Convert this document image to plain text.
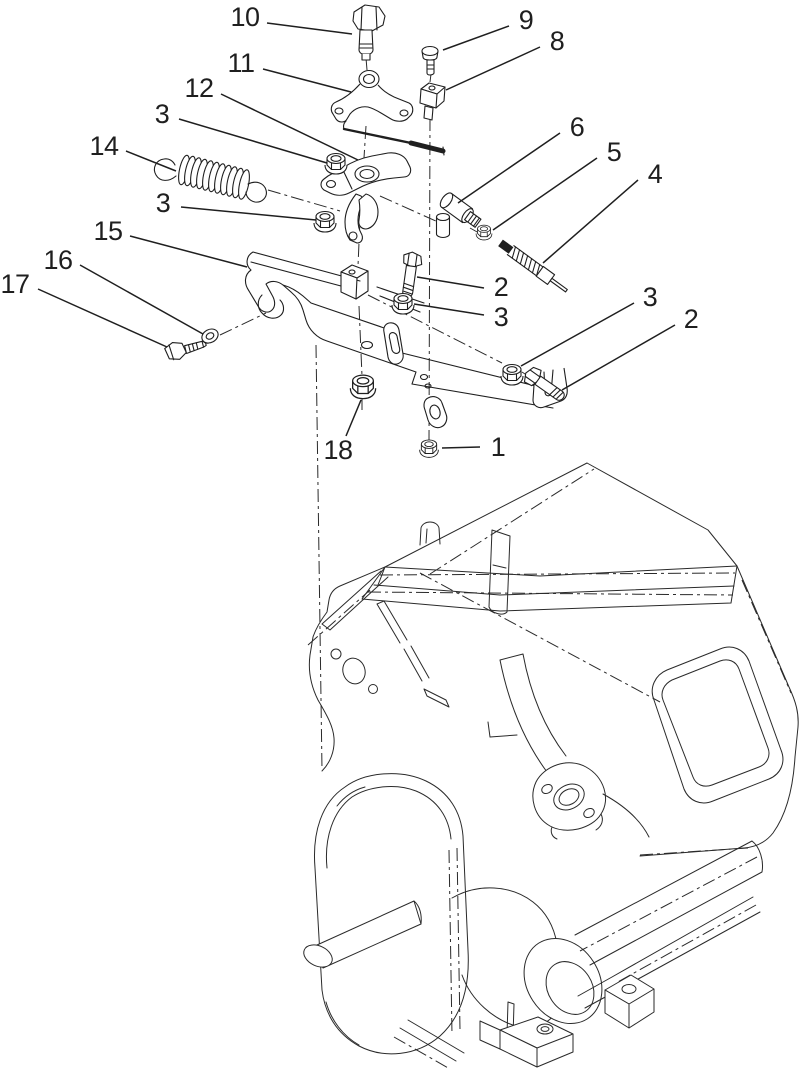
10	9
8
11
12
3
14
6
5
4
3
15
16
17	2
3
3
2
18	1
